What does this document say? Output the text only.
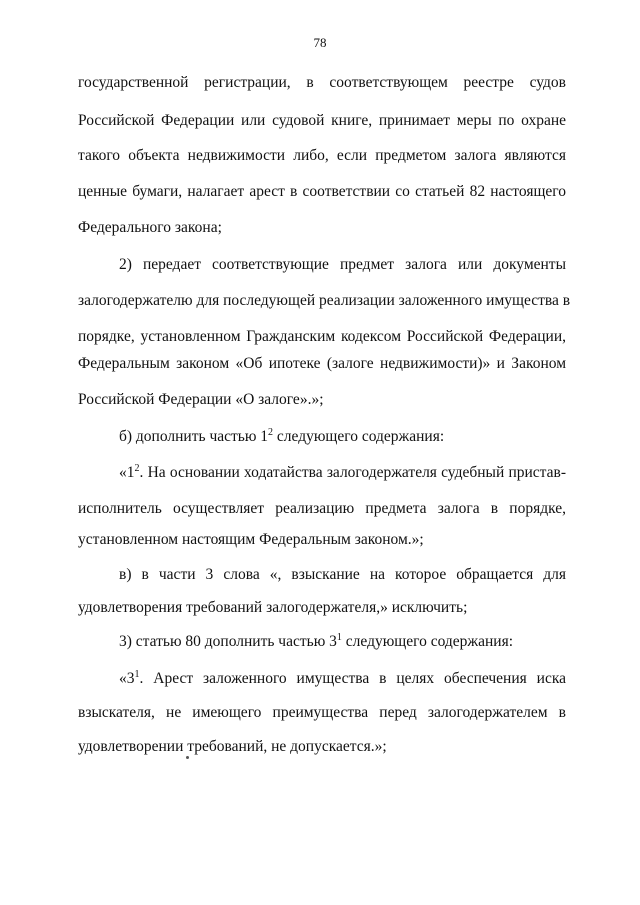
78
государственной регистрации, в соответствующем реестре судов
Российской Федерации или судовой книге, принимает меры по охране
такого объекта недвижимости либо, если предметом залога являются
ценные бумаги, налагает арест в соответствии со статьей 82 настоящего
Федерального закона;
2) передает соответствующие предмет залога или документы
залогодержателю для последующей реализации заложенного имущества в
порядке, установленном Гражданским кодексом Российской Федерации,
Федеральным законом «Об ипотеке (залоге недвижимости)» и Законом
Российской Федерации «О залоге».»;
б) дополнить частью $1^2$ следующего содержания:
«$1^2$. На основании ходатайства залогодержателя судебный пристав-
исполнитель осуществляет реализацию предмета залога в порядке,
установленном настоящим Федеральным законом.»;
в) в части 3 слова «, взыскание на которое обращается для
удовлетворения требований залогодержателя,» исключить;
3) статью 80 дополнить частью $3^1$ следующего содержания:
«$3^1$. Арест заложенного имущества в целях обеспечения иска
взыскателя, не имеющего преимущества перед залогодержателем в
удовлетворении требований, не допускается.»;
